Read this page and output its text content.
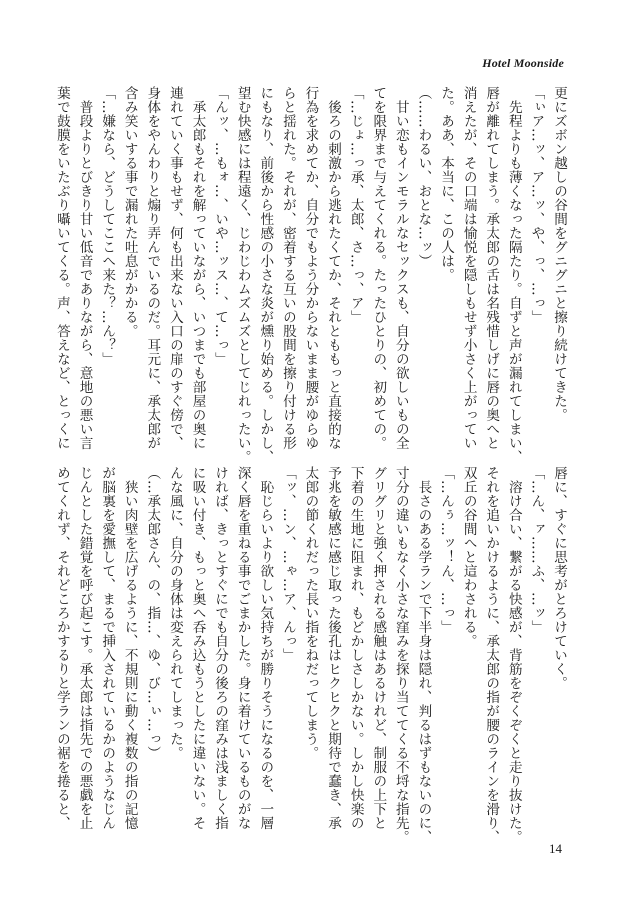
Hotel Moonside
更にズボン越しの谷間をグニグニと擦り続けてきた。
「ぃア…ッ、ア…ッ、や、っ、…っ」
　先程よりも薄くなった隔たり。自ずと声が漏れてしまい、
唇が離れてしまう。承太郎の舌は名残惜しげに唇の奥へと
消えたが、その口端は愉悦を隠しもせず小さく上がってい
た。ああ、本当に、この人は。
（……わるい、おとな…ッ）
　甘い恋もインモラルなセックスも、自分の欲しいもの全
てを限界まで与えてくれる。たったひとりの、初めての。
「…じょ…っ承、太郎、さ…っ、ア」
　後ろの刺激から逃れたくてか、それとももっと直接的な
行為を求めてか、自分でもよう分からないまま腰がゆらゆ
らと揺れた。それが、密着する互いの股間を擦り付ける形
にもなり、前後から性感の小さな炎が燻り始める。しかし、
望む快感には程遠く、じわじわムズムズとしてじれったい。
「んッ、…もォ…、いや…ッス…、て…っ」
　承太郎もそれを解っていながら、いつまでも部屋の奥に
連れていく事もせず、何も出来ない入口の扉のすぐ傍で、
身体をやんわりと煽り弄んでいるのだ。耳元に、承太郎が
含み笑いする事で漏れた吐息がかかる。
「…嫌なら、どうしてここへ来た？…ん？」
　普段よりとびきり甘い低音でありながら、意地の悪い言
葉で鼓膜をいたぶり囁いてくる。声、答えなど、とっくに
唇に、すぐに思考がとろけていく。
「…ん、ァ……ふ、…ッ」
　溶け合い、繋がる快感が、背筋をぞくぞくと走り抜けた。
それを追いかけるように、承太郎の指が腰のラインを滑り、
双丘の谷間へと這わされる。
「…んぅ…ッ！ん、…っ」
　長さのある学ランで下半身は隠れ、判るはずもないのに、
寸分の違いもなく小さな窪みを探り当ててくる不埒な指先。
グリグリと強く押される感触はあるけれど、制服の上下と
下着の生地に阻まれ、もどかしさしかない。しかし快楽の
予兆を敏感に感じ取った後孔はヒクヒクと期待で蠢き、承
太郎の節くれだった長い指をねだってしまう。
「ッ、…ン、…ゃ…ア、んっ」
　恥じらいより欲しい気持ちが勝りそうになるのを、一層
深く唇を重ねる事でごまかした。身に着けているものがな
ければ、きっとすぐにでも自分の後ろの窪みは浅ましく指
に吸い付き、もっと奥へ呑み込もうとしたに違いない。そ
んな風に、自分の身体は変えられてしまった。
（…承太郎さん、の、指…、ゆ、び…ぃ…っ）
　狭い肉壁を広げるように、不規則に動く複数の指の記憶
が脳裏を愛撫して、まるで挿入されているかのようなじん
じんとした錯覚を呼び起こす。承太郎は指先での悪戯を止
めてくれず、それどころかするりと学ランの裾を捲ると、
14
